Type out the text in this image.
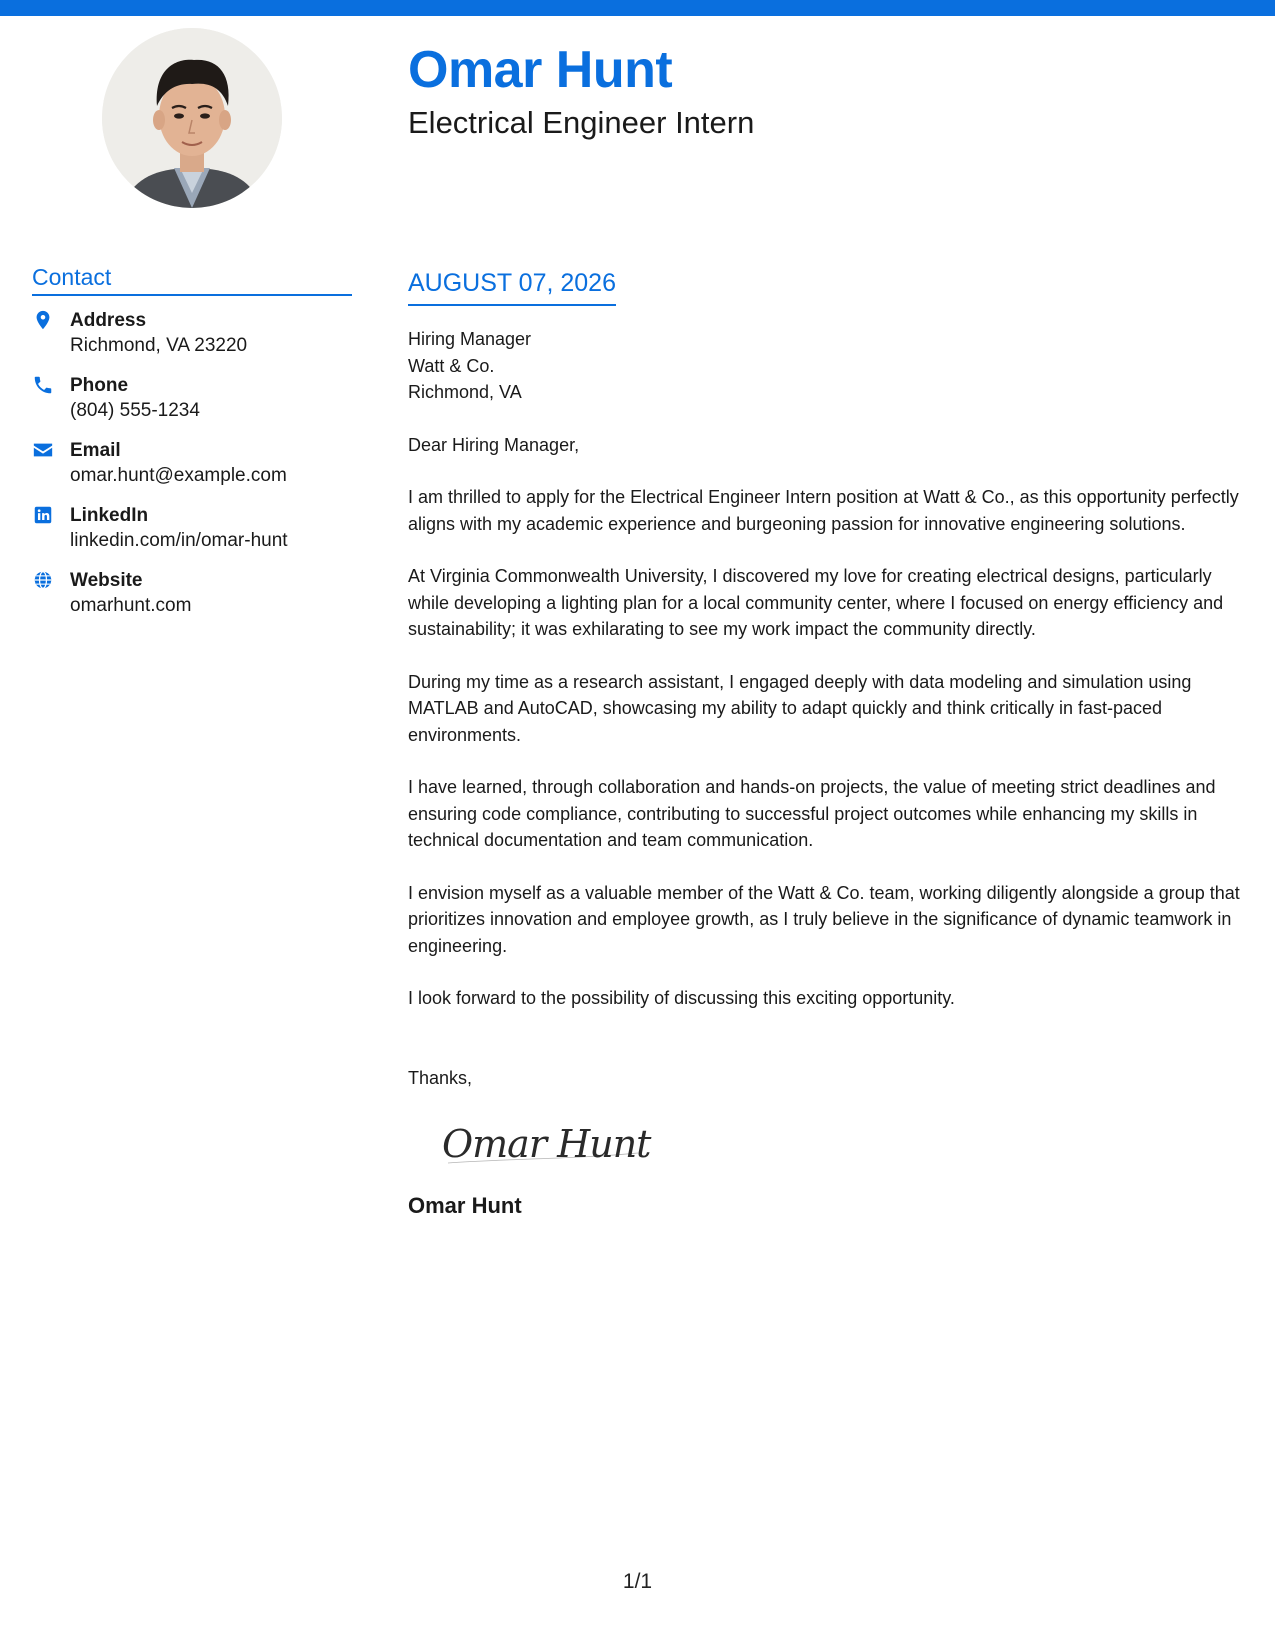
Omar Hunt
Electrical Engineer Intern
Contact
Address
Richmond, VA 23220
Phone
(804) 555-1234
Email
omar.hunt@example.com
LinkedIn
linkedin.com/in/omar-hunt
Website
omarhunt.com
AUGUST 07, 2026
Hiring Manager
Watt & Co.
Richmond, VA
Dear Hiring Manager,

I am thrilled to apply for the Electrical Engineer Intern position at Watt & Co., as this opportunity perfectly aligns with my academic experience and burgeoning passion for innovative engineering solutions.

At Virginia Commonwealth University, I discovered my love for creating electrical designs, particularly while developing a lighting plan for a local community center, where I focused on energy efficiency and sustainability; it was exhilarating to see my work impact the community directly.

During my time as a research assistant, I engaged deeply with data modeling and simulation using MATLAB and AutoCAD, showcasing my ability to adapt quickly and think critically in fast-paced environments.

I have learned, through collaboration and hands-on projects, the value of meeting strict deadlines and ensuring code compliance, contributing to successful project outcomes while enhancing my skills in technical documentation and team communication.

I envision myself as a valuable member of the Watt & Co. team, working diligently alongside a group that prioritizes innovation and employee growth, as I truly believe in the significance of dynamic teamwork in engineering.

I look forward to the possibility of discussing this exciting opportunity.

Thanks,
Omar Hunt
Omar Hunt
1/1
